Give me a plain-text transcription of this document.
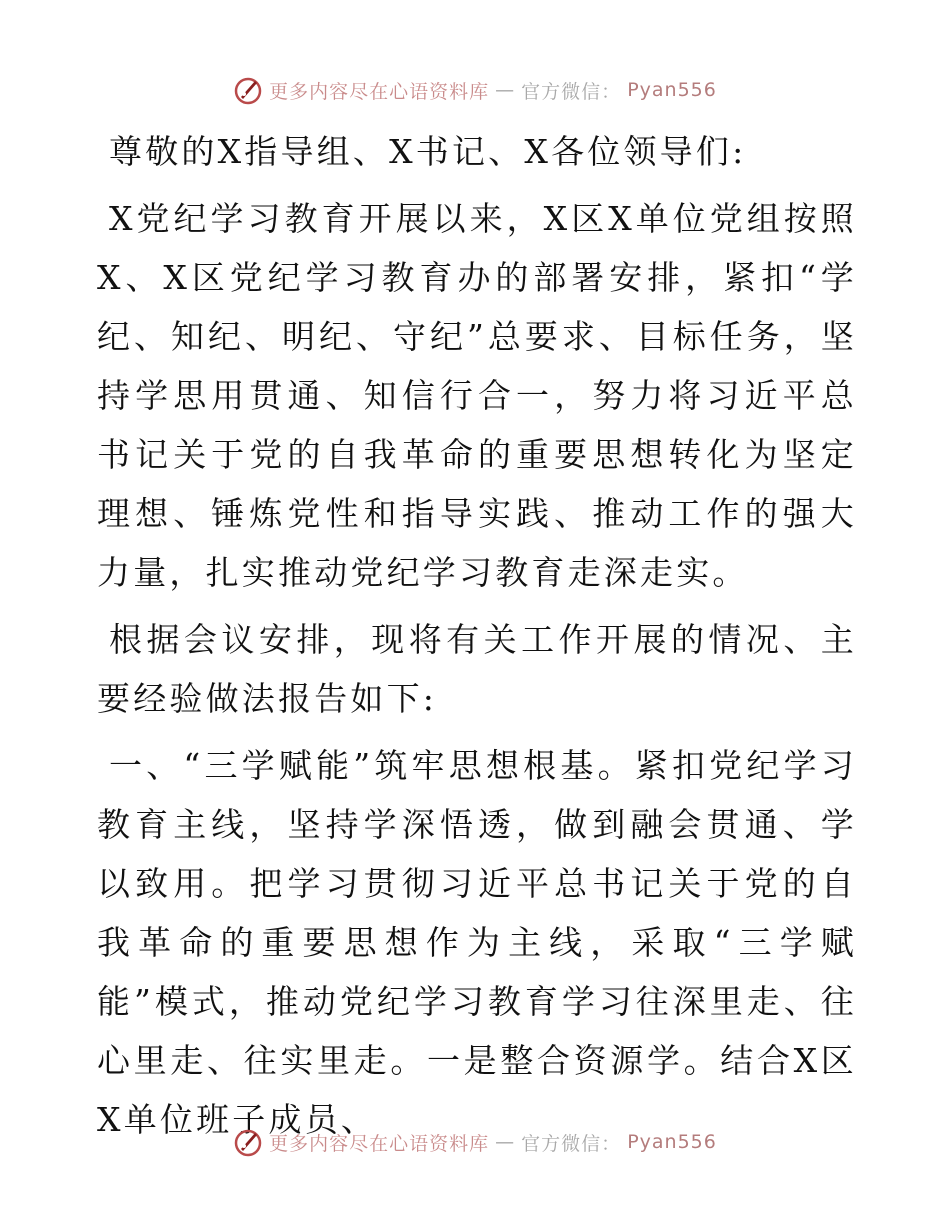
更多内容尽在心语资料库 — 官方微信： Pyan556

尊敬的X指导组、X书记、X各位领导们:

X党纪学习教育开展以来，X区X单位党组按照X、X区党纪学习教育办的部署安排，紧扣“学纪、知纪、明纪、守纪”总要求、目标任务，坚持学思用贯通、知信行合一，努力将习近平总书记关于党的自我革命的重要思想转化为坚定理想、锤炼党性和指导实践、推动工作的强大力量，扎实推动党纪学习教育走深走实。

根据会议安排，现将有关工作开展的情况、主要经验做法报告如下:

一、“三学赋能”筑牢思想根基。紧扣党纪学习教育主线，坚持学深悟透，做到融会贯通、学以致用。把学习贯彻习近平总书记关于党的自我革命的重要思想作为主线，采取“三学赋能”模式，推动党纪学习教育学习往深里走、往心里走、往实里走。一是整合资源学。结合X区X单位班子成员、

更多内容尽在心语资料库 — 官方微信： Pyan556
